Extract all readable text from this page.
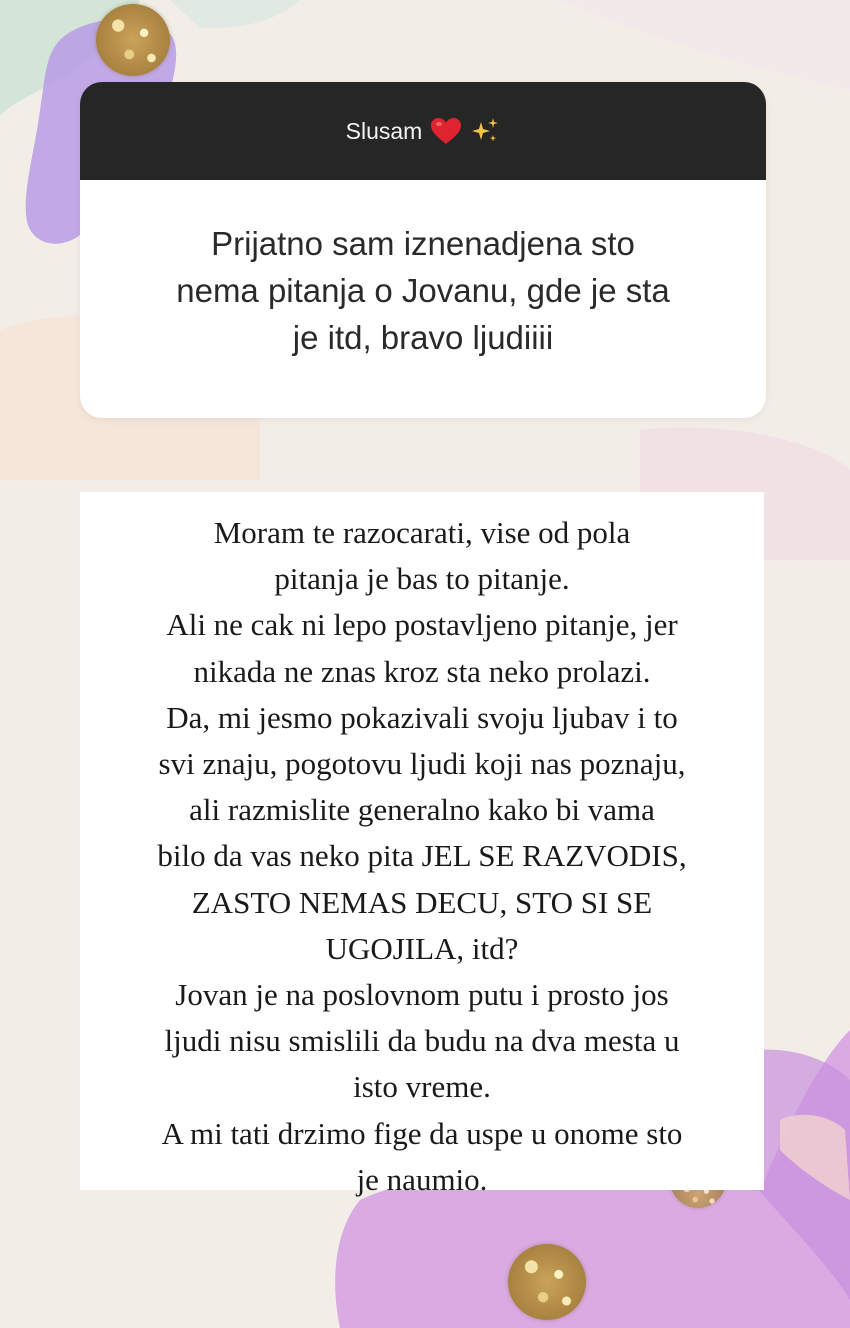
Slusam
Prijatno sam iznenadjena sto
nema pitanja o Jovanu, gde je sta
je itd, bravo ljudiiii
Moram te razocarati, vise od pola
pitanja je bas to pitanje.
Ali ne cak ni lepo postavljeno pitanje, jer
nikada ne znas kroz sta neko prolazi.
Da, mi jesmo pokazivali svoju ljubav i to
svi znaju, pogotovu ljudi koji nas poznaju,
ali razmislite generalno kako bi vama
bilo da vas neko pita JEL SE RAZVODIS,
ZASTO NEMAS DECU, STO SI SE
UGOJILA, itd?
Jovan je na poslovnom putu i prosto jos
ljudi nisu smislili da budu na dva mesta u
isto vreme.
A mi tati drzimo fige da uspe u onome sto
je naumio.
